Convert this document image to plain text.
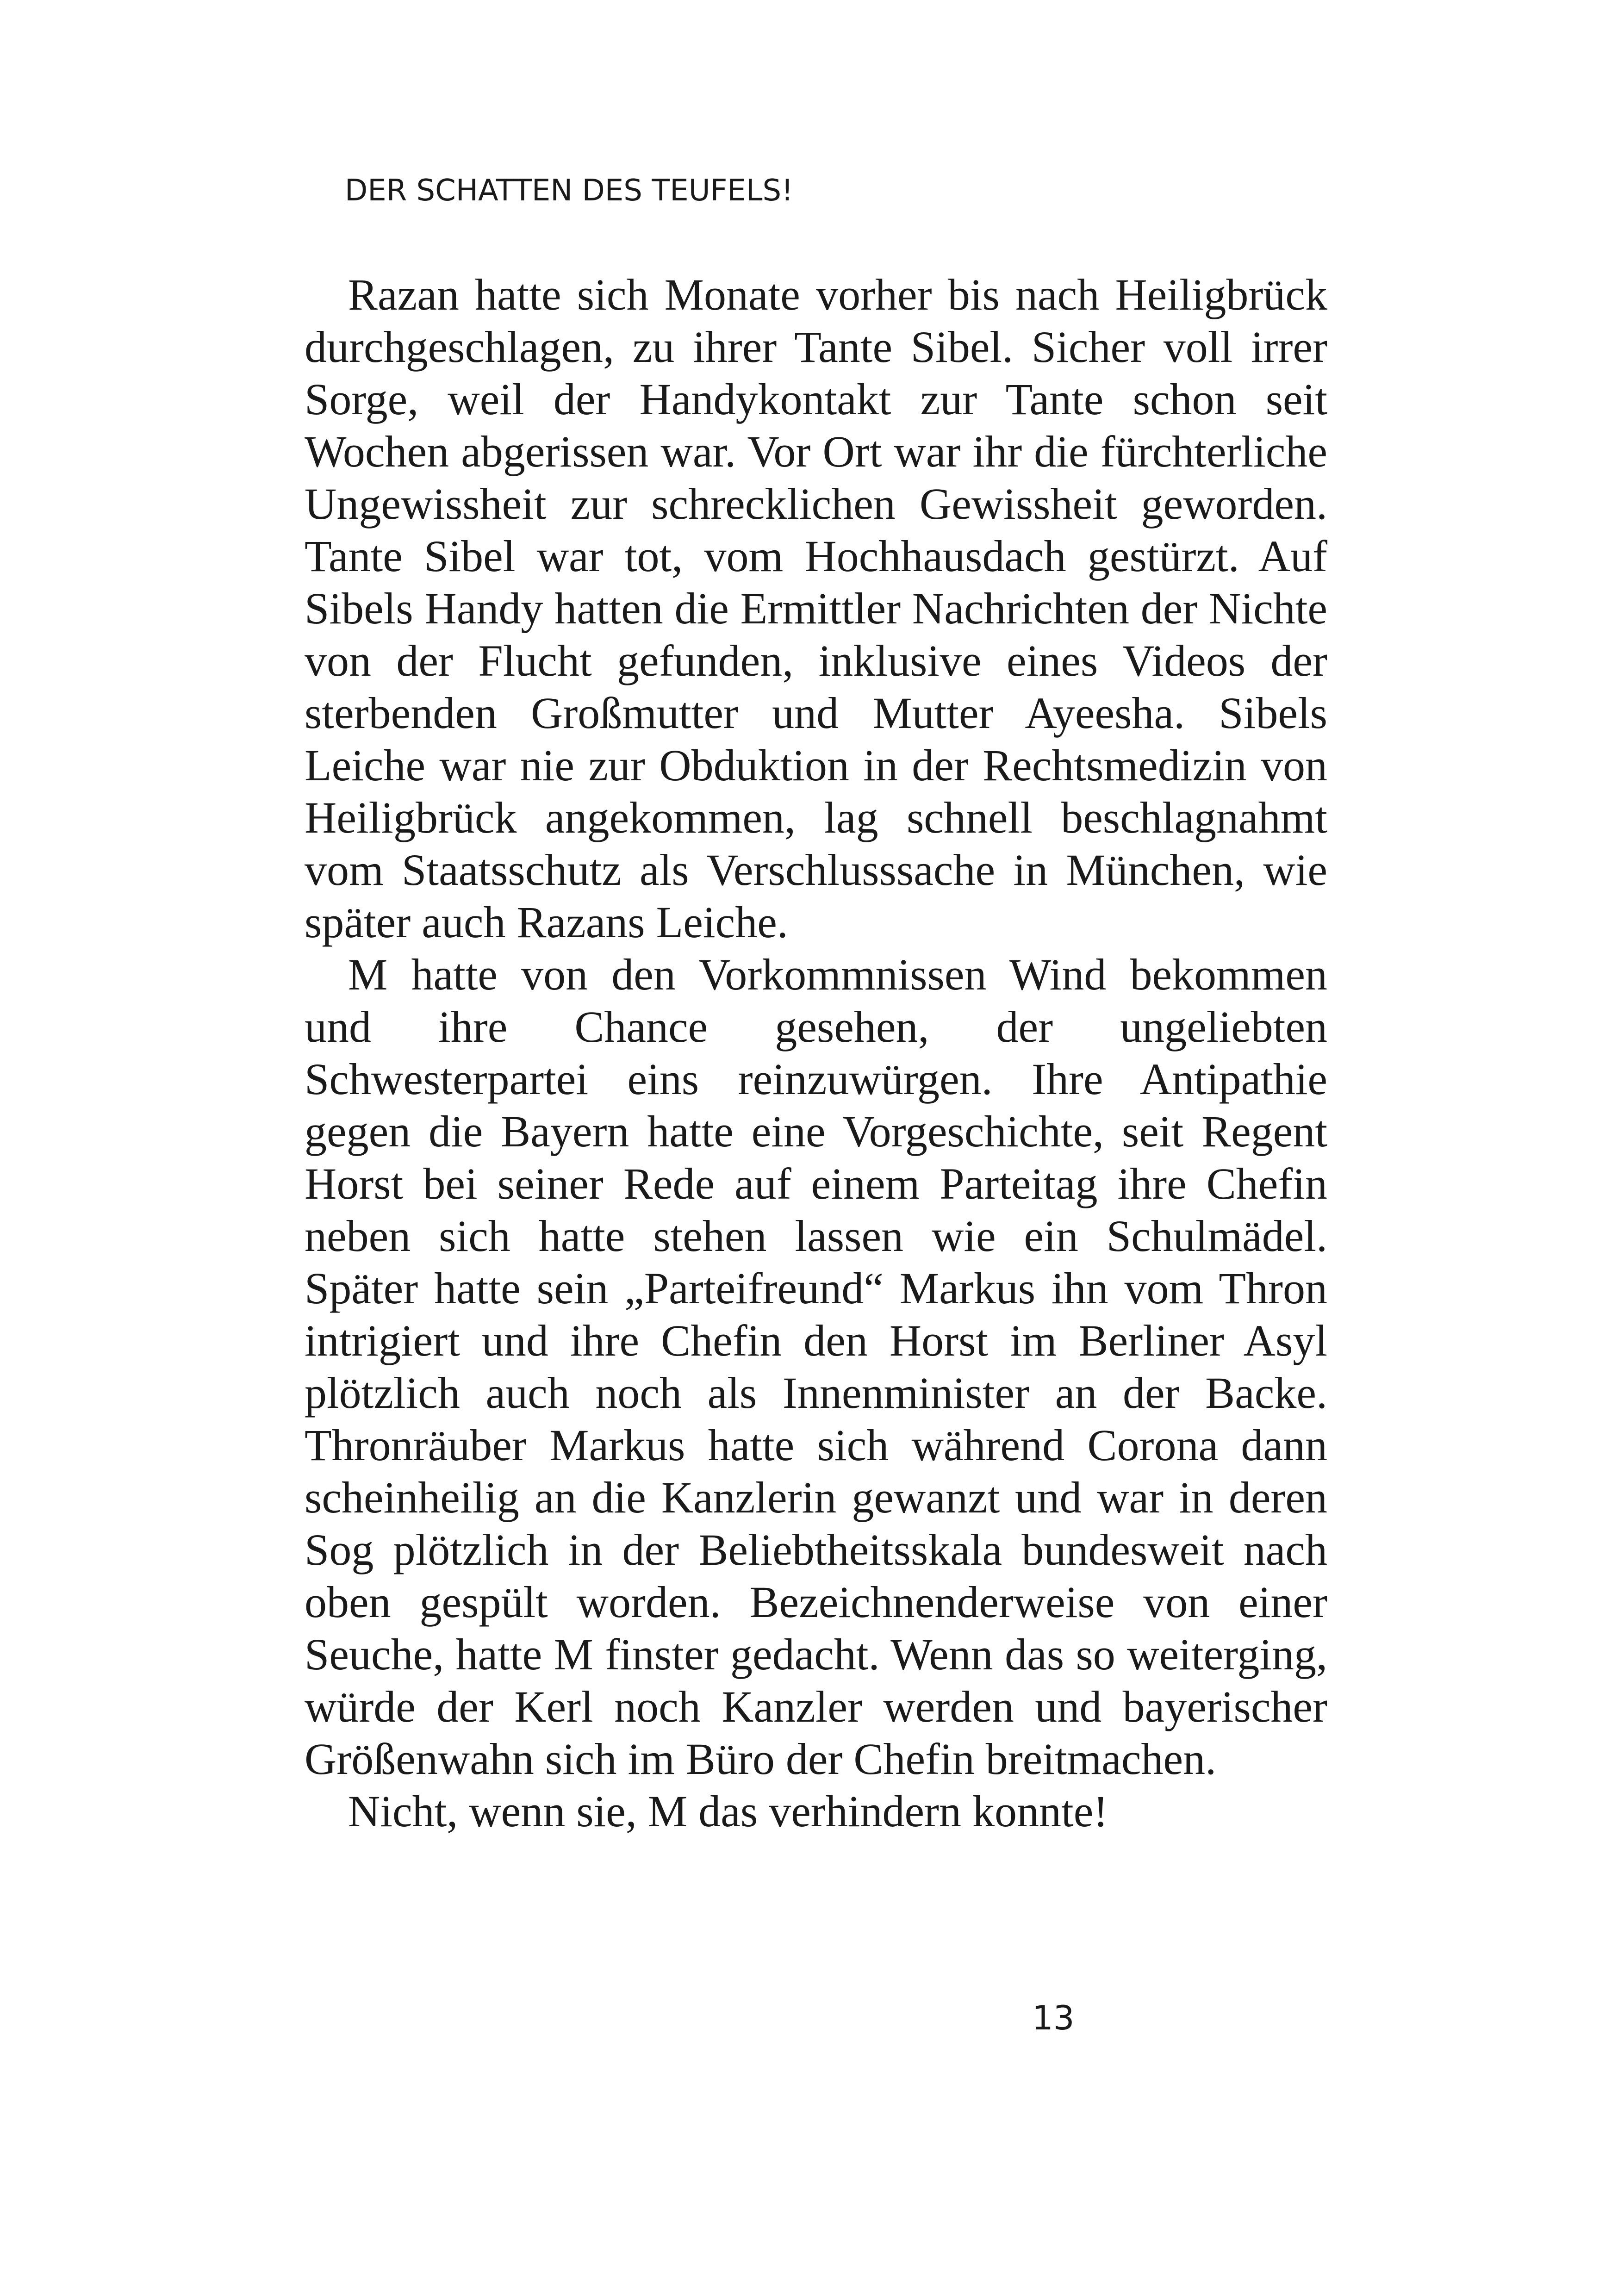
DER SCHATTEN DES TEUFELS!

Razan hatte sich Monate vorher bis nach Heiligbrück durchgeschlagen, zu ihrer Tante Sibel. Sicher voll irrer Sorge, weil der Handykontakt zur Tante schon seit Wochen abgerissen war. Vor Ort war ihr die fürchterliche Ungewissheit zur schrecklichen Gewissheit geworden. Tante Sibel war tot, vom Hochhausdach gestürzt. Auf Sibels Handy hatten die Ermittler Nachrichten der Nichte von der Flucht gefunden, inklusive eines Videos der sterbenden Großmutter und Mutter Ayeesha. Sibels Leiche war nie zur Obduktion in der Rechtsmedizin von Heiligbrück angekommen, lag schnell beschlagnahmt vom Staatsschutz als Verschlusssache in München, wie später auch Razans Leiche.

M hatte von den Vorkommnissen Wind bekommen und ihre Chance gesehen, der ungeliebten Schwesterpartei eins reinzuwürgen. Ihre Antipathie gegen die Bayern hatte eine Vorgeschichte, seit Regent Horst bei seiner Rede auf einem Parteitag ihre Chefin neben sich hatte stehen lassen wie ein Schulmädel. Später hatte sein „Parteifreund“ Markus ihn vom Thron intrigiert und ihre Chefin den Horst im Berliner Asyl plötzlich auch noch als Innenminister an der Backe. Thronräuber Markus hatte sich während Corona dann scheinheilig an die Kanzlerin gewanzt und war in deren Sog plötzlich in der Beliebtheitsskala bundesweit nach oben gespült worden. Bezeichnenderweise von einer Seuche, hatte M finster gedacht. Wenn das so weiterging, würde der Kerl noch Kanzler werden und bayerischer Größenwahn sich im Büro der Chefin breitmachen.

Nicht, wenn sie, M das verhindern konnte!

13
